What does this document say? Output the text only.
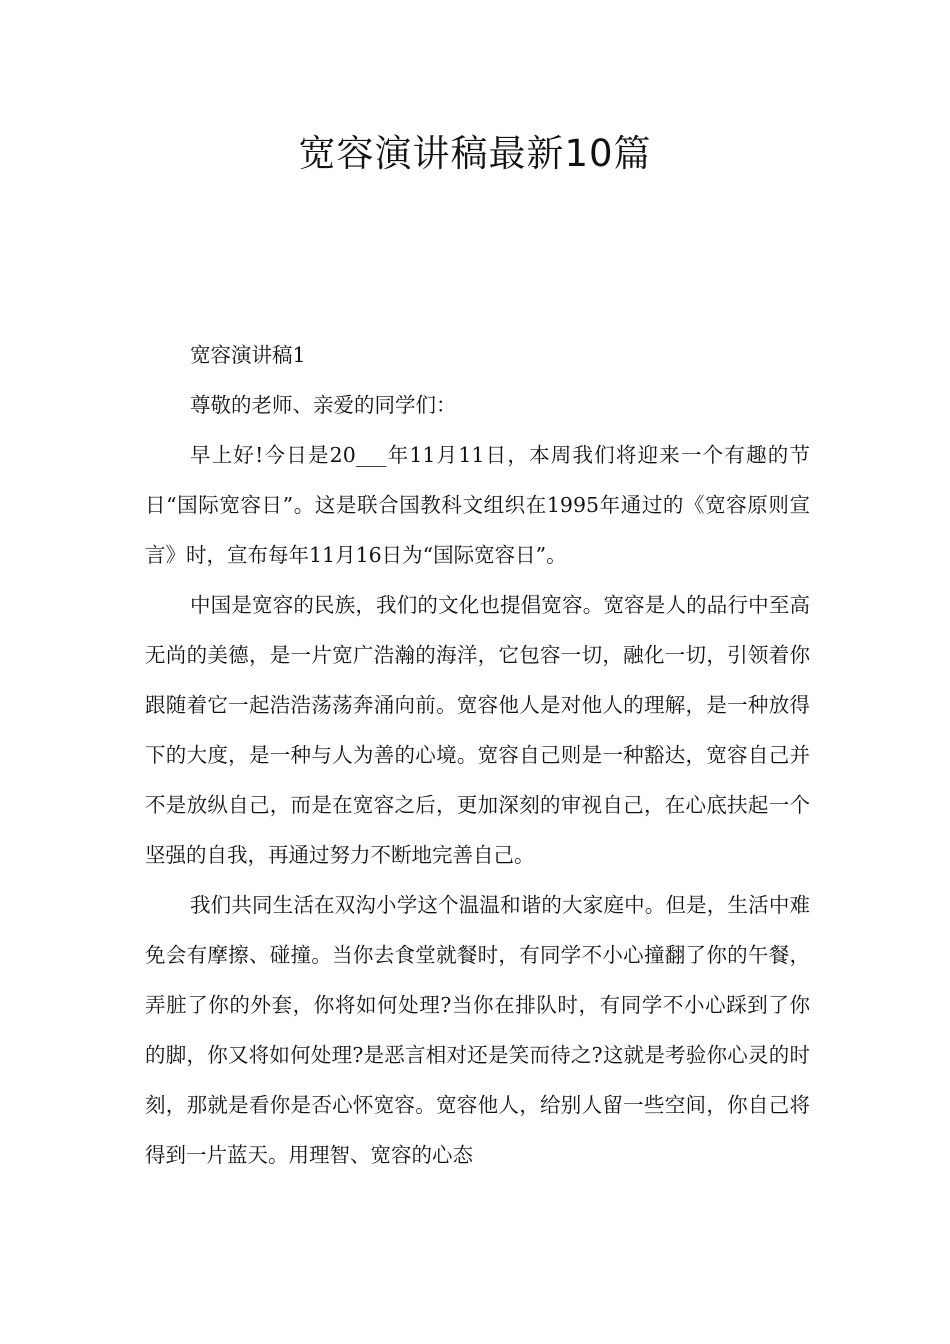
宽容演讲稿最新10篇

宽容演讲稿1

尊敬的老师、亲爱的同学们：

早上好!今日是20___年11月11日，本周我们将迎来一个有趣的节日“国际宽容日”。这是联合国教科文组织在1995年通过的《宽容原则宣言》时，宣布每年11月16日为“国际宽容日”。

中国是宽容的民族，我们的文化也提倡宽容。宽容是人的品行中至高无尚的美德，是一片宽广浩瀚的海洋，它包容一切，融化一切，引领着你跟随着它一起浩浩荡荡奔涌向前。宽容他人是对他人的理解，是一种放得下的大度，是一种与人为善的心境。宽容自己则是一种豁达，宽容自己并不是放纵自己，而是在宽容之后，更加深刻的审视自己，在心底扶起一个坚强的自我，再通过努力不断地完善自己。

我们共同生活在双沟小学这个温温和谐的大家庭中。但是，生活中难免会有摩擦、碰撞。当你去食堂就餐时，有同学不小心撞翻了你的午餐，弄脏了你的外套，你将如何处理?当你在排队时，有同学不小心踩到了你的脚，你又将如何处理?是恶言相对还是笑而待之?这就是考验你心灵的时刻，那就是看你是否心怀宽容。宽容他人，给别人留一些空间，你自己将得到一片蓝天。用理智、宽容的心态
